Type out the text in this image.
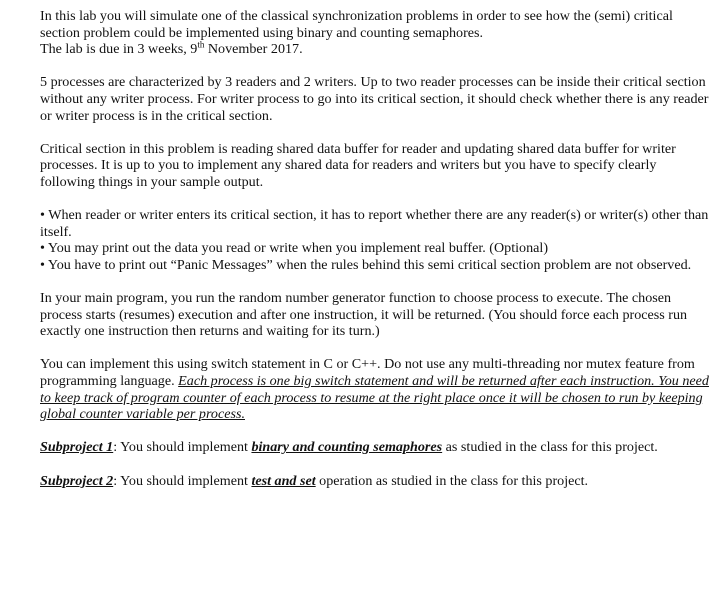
In this lab you will simulate one of the classical synchronization problems in order to see how the (semi) critical section problem could be implemented using binary and counting semaphores.
The lab is due in 3 weeks, 9th November 2017.

5 processes are characterized by 3 readers and 2 writers. Up to two reader processes can be inside their critical section without any writer process. For writer process to go into its critical section, it should check whether there is any reader or writer process is in the critical section.

Critical section in this problem is reading shared data buffer for reader and updating shared data buffer for writer processes. It is up to you to implement any shared data for readers and writers but you have to specify clearly following things in your sample output.

• When reader or writer enters its critical section, it has to report whether there are any reader(s) or writer(s) other than itself.
• You may print out the data you read or write when you implement real buffer. (Optional)
• You have to print out “Panic Messages” when the rules behind this semi critical section problem are not observed.

In your main program, you run the random number generator function to choose process to execute. The chosen process starts (resumes) execution and after one instruction, it will be returned. (You should force each process run exactly one instruction then returns and waiting for its turn.)

You can implement this using switch statement in C or C++. Do not use any multi-threading nor mutex feature from programming language. Each process is one big switch statement and will be returned after each instruction. You need to keep track of program counter of each process to resume at the right place once it will be chosen to run by keeping global counter variable per process.

Subproject 1: You should implement binary and counting semaphores as studied in the class for this project.

Subproject 2: You should implement test and set operation as studied in the class for this project.
